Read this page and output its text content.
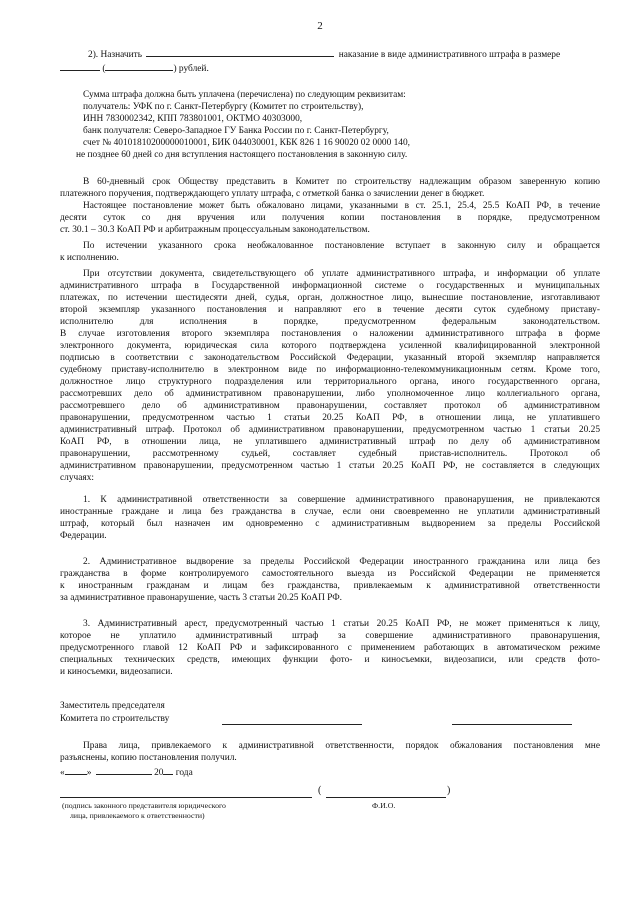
2
2). Назначить	наказание в виде административного штрафа в размере
(	) рублей.
Сумма штрафа должна быть уплачена (перечислена) по следующим реквизитам:
получатель: УФК по г. Санкт-Петербургу (Комитет по строительству),
ИНН 7830002342, КПП 783801001, ОКТМО 40303000,
банк получателя: Северо-Западное ГУ Банка России по г. Санкт-Петербургу,
счет № 40101810200000010001, БИК 044030001, КБК 826 1 16 90020 02 0000 140,
не позднее 60 дней со дня вступления настоящего постановления в законную силу.
В 60-дневный срок Обществу представить в Комитет по строительству надлежащим образом заверенную копию
платежного поручения, подтверждающего уплату штрафа, с отметкой банка о зачислении денег в бюджет.
Настоящее постановление может быть обжаловано лицами, указанными в ст. 25.1, 25.4, 25.5 КоАП РФ, в течение
десяти суток со дня вручения или получения копии постановления в порядке, предусмотренном
ст. 30.1 – 30.3 КоАП РФ и арбитражным процессуальным законодательством.
По истечении указанного срока необжалованное постановление вступает в законную силу и обращается
к исполнению.
При отсутствии документа, свидетельствующего об уплате административного штрафа, и информации об уплате
административного штрафа в Государственной информационной системе о государственных и муниципальных
платежах, по истечении шестидесяти дней, судья, орган, должностное лицо, вынесшие постановление, изготавливают
второй экземпляр указанного постановления и направляют его в течение десяти суток судебному приставу-
исполнителю для исполнения в порядке, предусмотренном федеральным законодательством.
В случае изготовления второго экземпляра постановления о наложении административного штрафа в форме
электронного документа, юридическая сила которого подтверждена усиленной квалифицированной электронной
подписью в соответствии с законодательством Российской Федерации, указанный второй экземпляр направляется
судебному приставу-исполнителю в электронном виде по информационно-телекоммуникационным сетям. Кроме того,
должностное лицо структурного подразделения или территориального органа, иного государственного органа,
рассмотревших дело об административном правонарушении, либо уполномоченное лицо коллегиального органа,
рассмотревшего дело об административном правонарушении, составляет протокол об административном
правонарушении, предусмотренном частью 1 статьи 20.25 КоАП РФ, в отношении лица, не уплатившего
административный штраф. Протокол об административном правонарушении, предусмотренном частью 1 статьи 20.25
КоАП РФ, в отношении лица, не уплатившего административный штраф по делу об административном
правонарушении, рассмотренному судьей, составляет судебный пристав-исполнитель. Протокол об
административном правонарушении, предусмотренном частью 1 статьи 20.25 КоАП РФ, не составляется в следующих
случаях:
1. К административной ответственности за совершение административного правонарушения, не привлекаются
иностранные граждане и лица без гражданства в случае, если они своевременно не уплатили административный
штраф, который был назначен им одновременно с административным выдворением за пределы Российской
Федерации.
2. Административное выдворение за пределы Российской Федерации иностранного гражданина или лица без
гражданства в форме контролируемого самостоятельного выезда из Российской Федерации не применяется
к иностранным гражданам и лицам без гражданства, привлекаемым к административной ответственности
за административное правонарушение, часть 3 статьи 20.25 КоАП РФ.
3. Административный арест, предусмотренный частью 1 статьи 20.25 КоАП РФ, не может применяться к лицу,
которое не уплатило административный штраф за совершение административного правонарушения,
предусмотренного главой 12 КоАП РФ и зафиксированного с применением работающих в автоматическом режиме
специальных технических средств, имеющих функции фото- и киносъемки, видеозаписи, или средств фото-
и киносъемки, видеозаписи.
Заместитель председателя
Комитета по строительству
Права лица, привлекаемого к административной ответственности, порядок обжалования постановления мне
разъяснены, копию постановления получил.
« »	20 года
(	)
(подпись законного представителя юридического
лица, привлекаемого к ответственности)
Ф.И.О.
